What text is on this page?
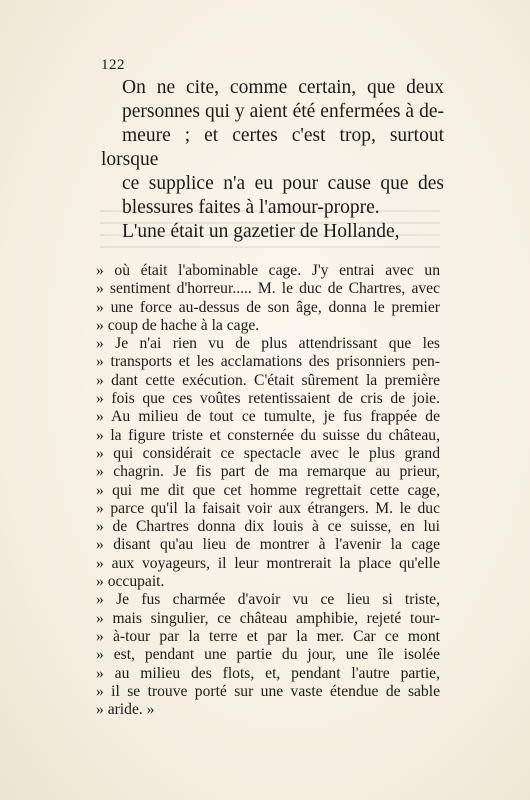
122

On ne cite, comme certain, que deux
personnes qui y aient été enfermées à de-
meure ; et certes c'est trop, surtout lorsque
ce supplice n'a eu pour cause que des
blessures faites à l'amour-propre.

L'une était un gazetier de Hollande,

» où était l'abominable cage. J'y entrai avec un
» sentiment d'horreur..... M. le duc de Chartres, avec
» une force au-dessus de son âge, donna le premier
» coup de hache à la cage.
» Je n'ai rien vu de plus attendrissant que les
» transports et les acclamations des prisonniers pen-
» dant cette exécution. C'était sûrement la première
» fois que ces voûtes retentissaient de cris de joie.
» Au milieu de tout ce tumulte, je fus frappée de
» la figure triste et consternée du suisse du château,
» qui considérait ce spectacle avec le plus grand
» chagrin. Je fis part de ma remarque au prieur,
» qui me dit que cet homme regrettait cette cage,
» parce qu'il la faisait voir aux étrangers. M. le duc
» de Chartres donna dix louis à ce suisse, en lui
» disant qu'au lieu de montrer à l'avenir la cage
» aux voyageurs, il leur montrerait la place qu'elle
» occupait.
» Je fus charmée d'avoir vu ce lieu si triste,
» mais singulier, ce château amphibie, rejeté tour-
» à-tour par la terre et par la mer. Car ce mont
» est, pendant une partie du jour, une île isolée
» au milieu des flots, et, pendant l'autre partie,
» il se trouve porté sur une vaste étendue de sable
» aride. »
